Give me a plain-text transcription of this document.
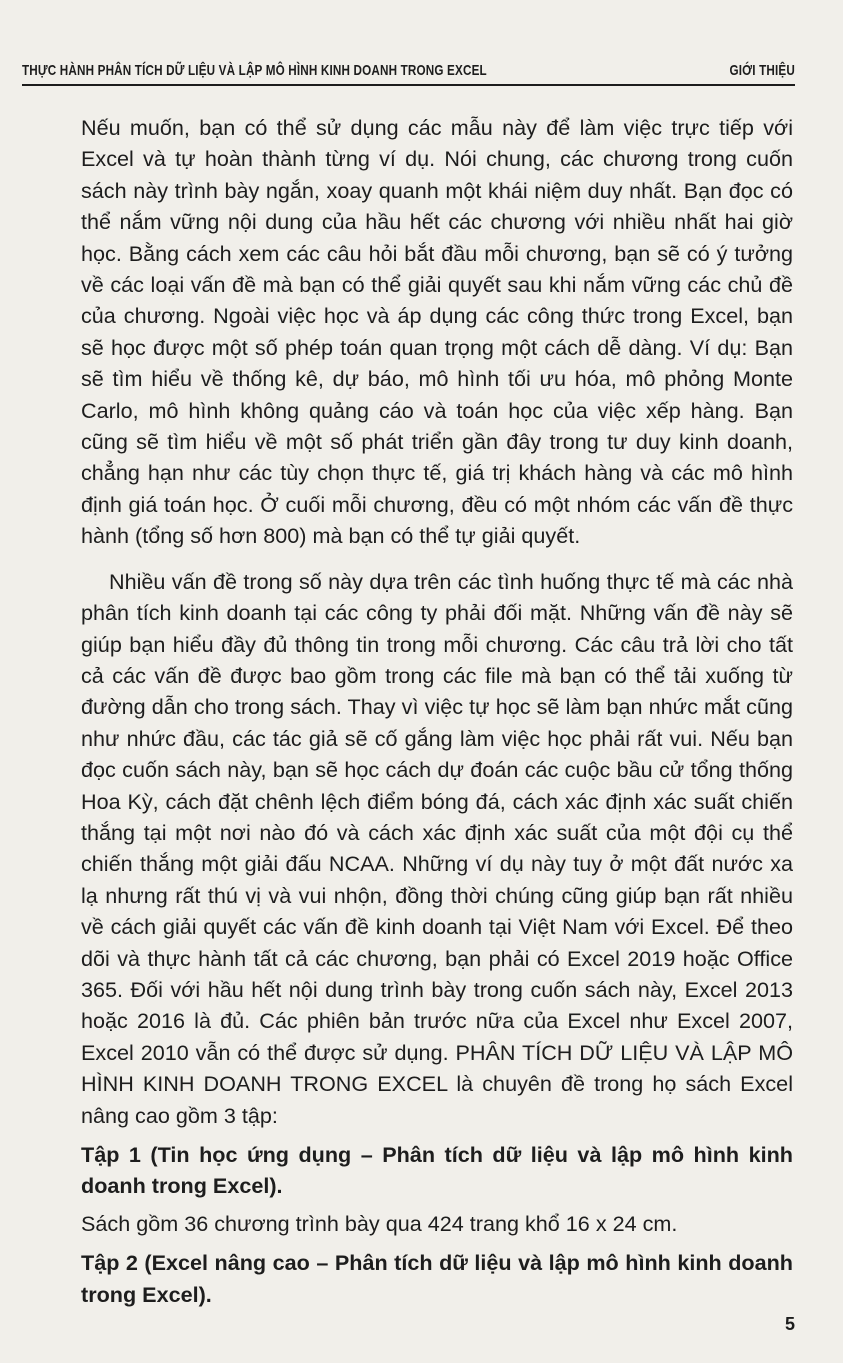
THỰC HÀNH PHÂN TÍCH DỮ LIỆU VÀ LẬP MÔ HÌNH KINH DOANH TRONG EXCEL	GIỚI THIỆU

Nếu muốn, bạn có thể sử dụng các mẫu này để làm việc trực tiếp với Excel và tự hoàn thành từng ví dụ. Nói chung, các chương trong cuốn sách này trình bày ngắn, xoay quanh một khái niệm duy nhất. Bạn đọc có thể nắm vững nội dung của hầu hết các chương với nhiều nhất hai giờ học. Bằng cách xem các câu hỏi bắt đầu mỗi chương, bạn sẽ có ý tưởng về các loại vấn đề mà bạn có thể giải quyết sau khi nắm vững các chủ đề của chương. Ngoài việc học và áp dụng các công thức trong Excel, bạn sẽ học được một số phép toán quan trọng một cách dễ dàng. Ví dụ: Bạn sẽ tìm hiểu về thống kê, dự báo, mô hình tối ưu hóa, mô phỏng Monte Carlo, mô hình không quảng cáo và toán học của việc xếp hàng. Bạn cũng sẽ tìm hiểu về một số phát triển gần đây trong tư duy kinh doanh, chẳng hạn như các tùy chọn thực tế, giá trị khách hàng và các mô hình định giá toán học. Ở cuối mỗi chương, đều có một nhóm các vấn đề thực hành (tổng số hơn 800) mà bạn có thể tự giải quyết.

Nhiều vấn đề trong số này dựa trên các tình huống thực tế mà các nhà phân tích kinh doanh tại các công ty phải đối mặt. Những vấn đề này sẽ giúp bạn hiểu đầy đủ thông tin trong mỗi chương. Các câu trả lời cho tất cả các vấn đề được bao gồm trong các file mà bạn có thể tải xuống từ đường dẫn cho trong sách. Thay vì việc tự học sẽ làm bạn nhức mắt cũng như nhức đầu, các tác giả sẽ cố gắng làm việc học phải rất vui. Nếu bạn đọc cuốn sách này, bạn sẽ học cách dự đoán các cuộc bầu cử tổng thống Hoa Kỳ, cách đặt chênh lệch điểm bóng đá, cách xác định xác suất chiến thắng tại một nơi nào đó và cách xác định xác suất của một đội cụ thể chiến thắng một giải đấu NCAA. Những ví dụ này tuy ở một đất nước xa lạ nhưng rất thú vị và vui nhộn, đồng thời chúng cũng giúp bạn rất nhiều về cách giải quyết các vấn đề kinh doanh tại Việt Nam với Excel. Để theo dõi và thực hành tất cả các chương, bạn phải có Excel 2019 hoặc Office 365. Đối với hầu hết nội dung trình bày trong cuốn sách này, Excel 2013 hoặc 2016 là đủ. Các phiên bản trước nữa của Excel như Excel 2007, Excel 2010 vẫn có thể được sử dụng. PHÂN TÍCH DỮ LIỆU VÀ LẬP MÔ HÌNH KINH DOANH TRONG EXCEL là chuyên đề trong họ sách Excel nâng cao gồm 3 tập:

Tập 1 (Tin học ứng dụng – Phân tích dữ liệu và lập mô hình kinh doanh trong Excel).

Sách gồm 36 chương trình bày qua 424 trang khổ 16 x 24 cm.

Tập 2 (Excel nâng cao – Phân tích dữ liệu và lập mô hình kinh doanh trong Excel).

5
